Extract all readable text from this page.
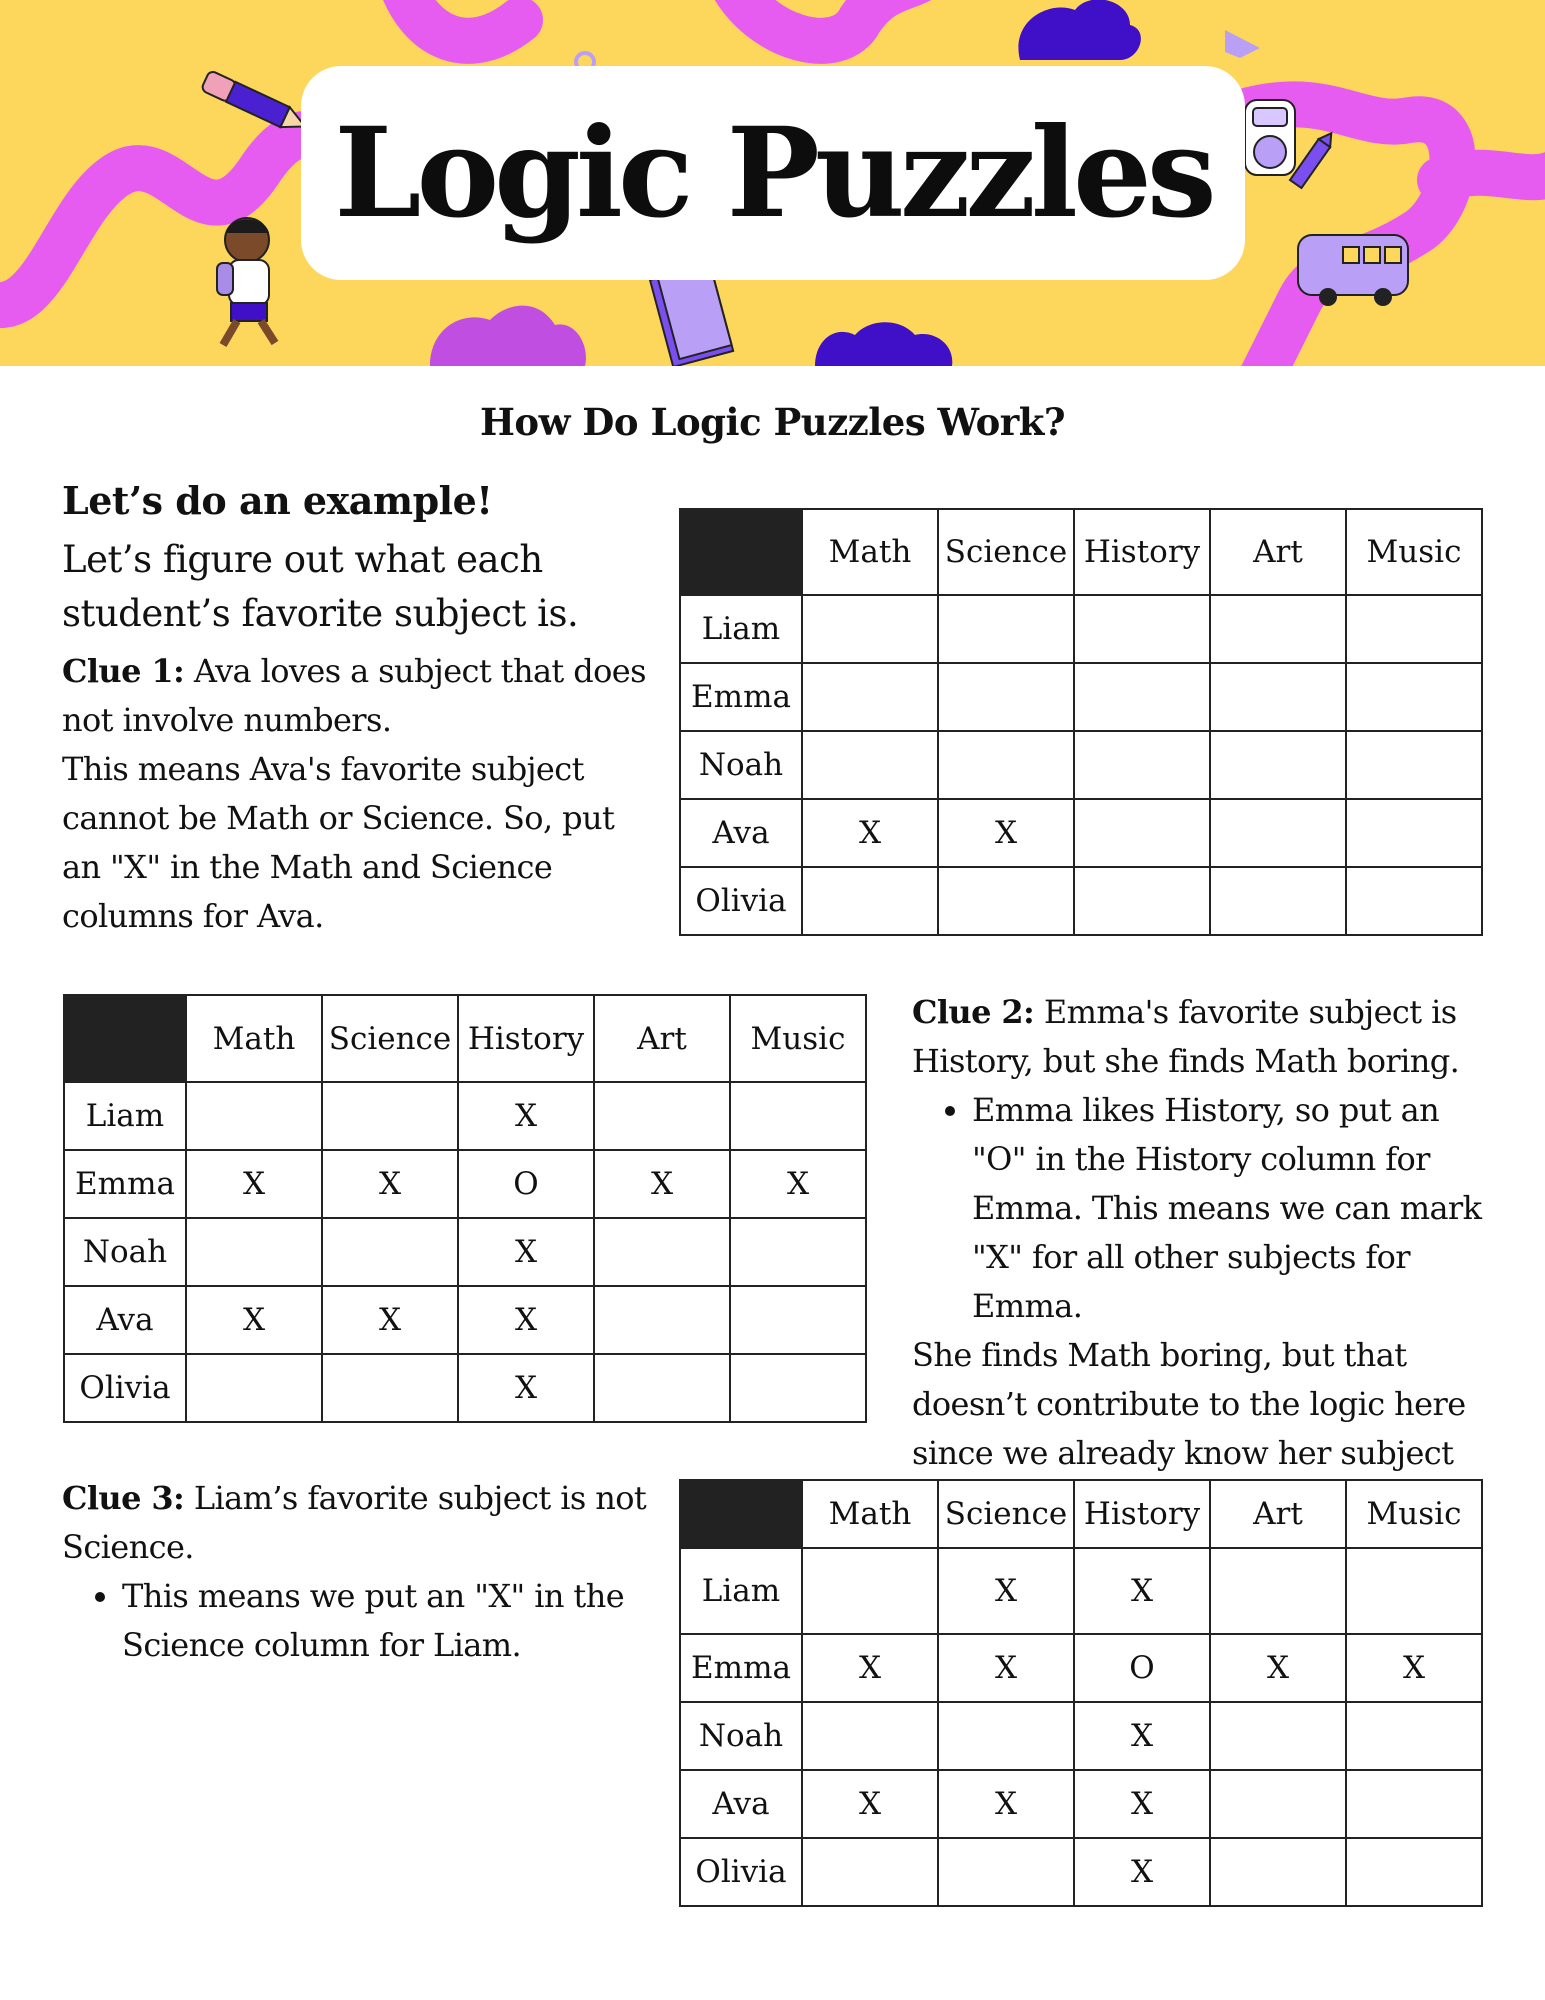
Logic Puzzles
How Do Logic Puzzles Work?
Let’s do an example!

Let’s figure out what each student’s favorite subject is.

Clue 1: Ava loves a subject that does not involve numbers.

This means Ava's favorite subject cannot be Math or Science. So, put an "X" in the Math and Science columns for Ava.

	Math	Science	History	Art	Music
Liam					
Emma					
Noah					
Ava	X	X			
Olivia					
	Math	Science	History	Art	Music
Liam			X		
Emma	X	X	O	X	X
Noah			X		
Ava	X	X	X		
Olivia			X		

Clue 2: Emma's favorite subject is History, but she finds Math boring.

• Emma likes History, so put an "O" in the History column for Emma. This means we can mark "X" for all other subjects for Emma.

She finds Math boring, but that doesn’t contribute to the logic here since we already know her subject

Clue 3: Liam’s favorite subject is not Science.

• This means we put an "X" in the Science column for Liam.
	Math	Science	History	Art	Music
Liam		X	X		
Emma	X	X	O	X	X
Noah			X		
Ava	X	X	X		
Olivia			X		
